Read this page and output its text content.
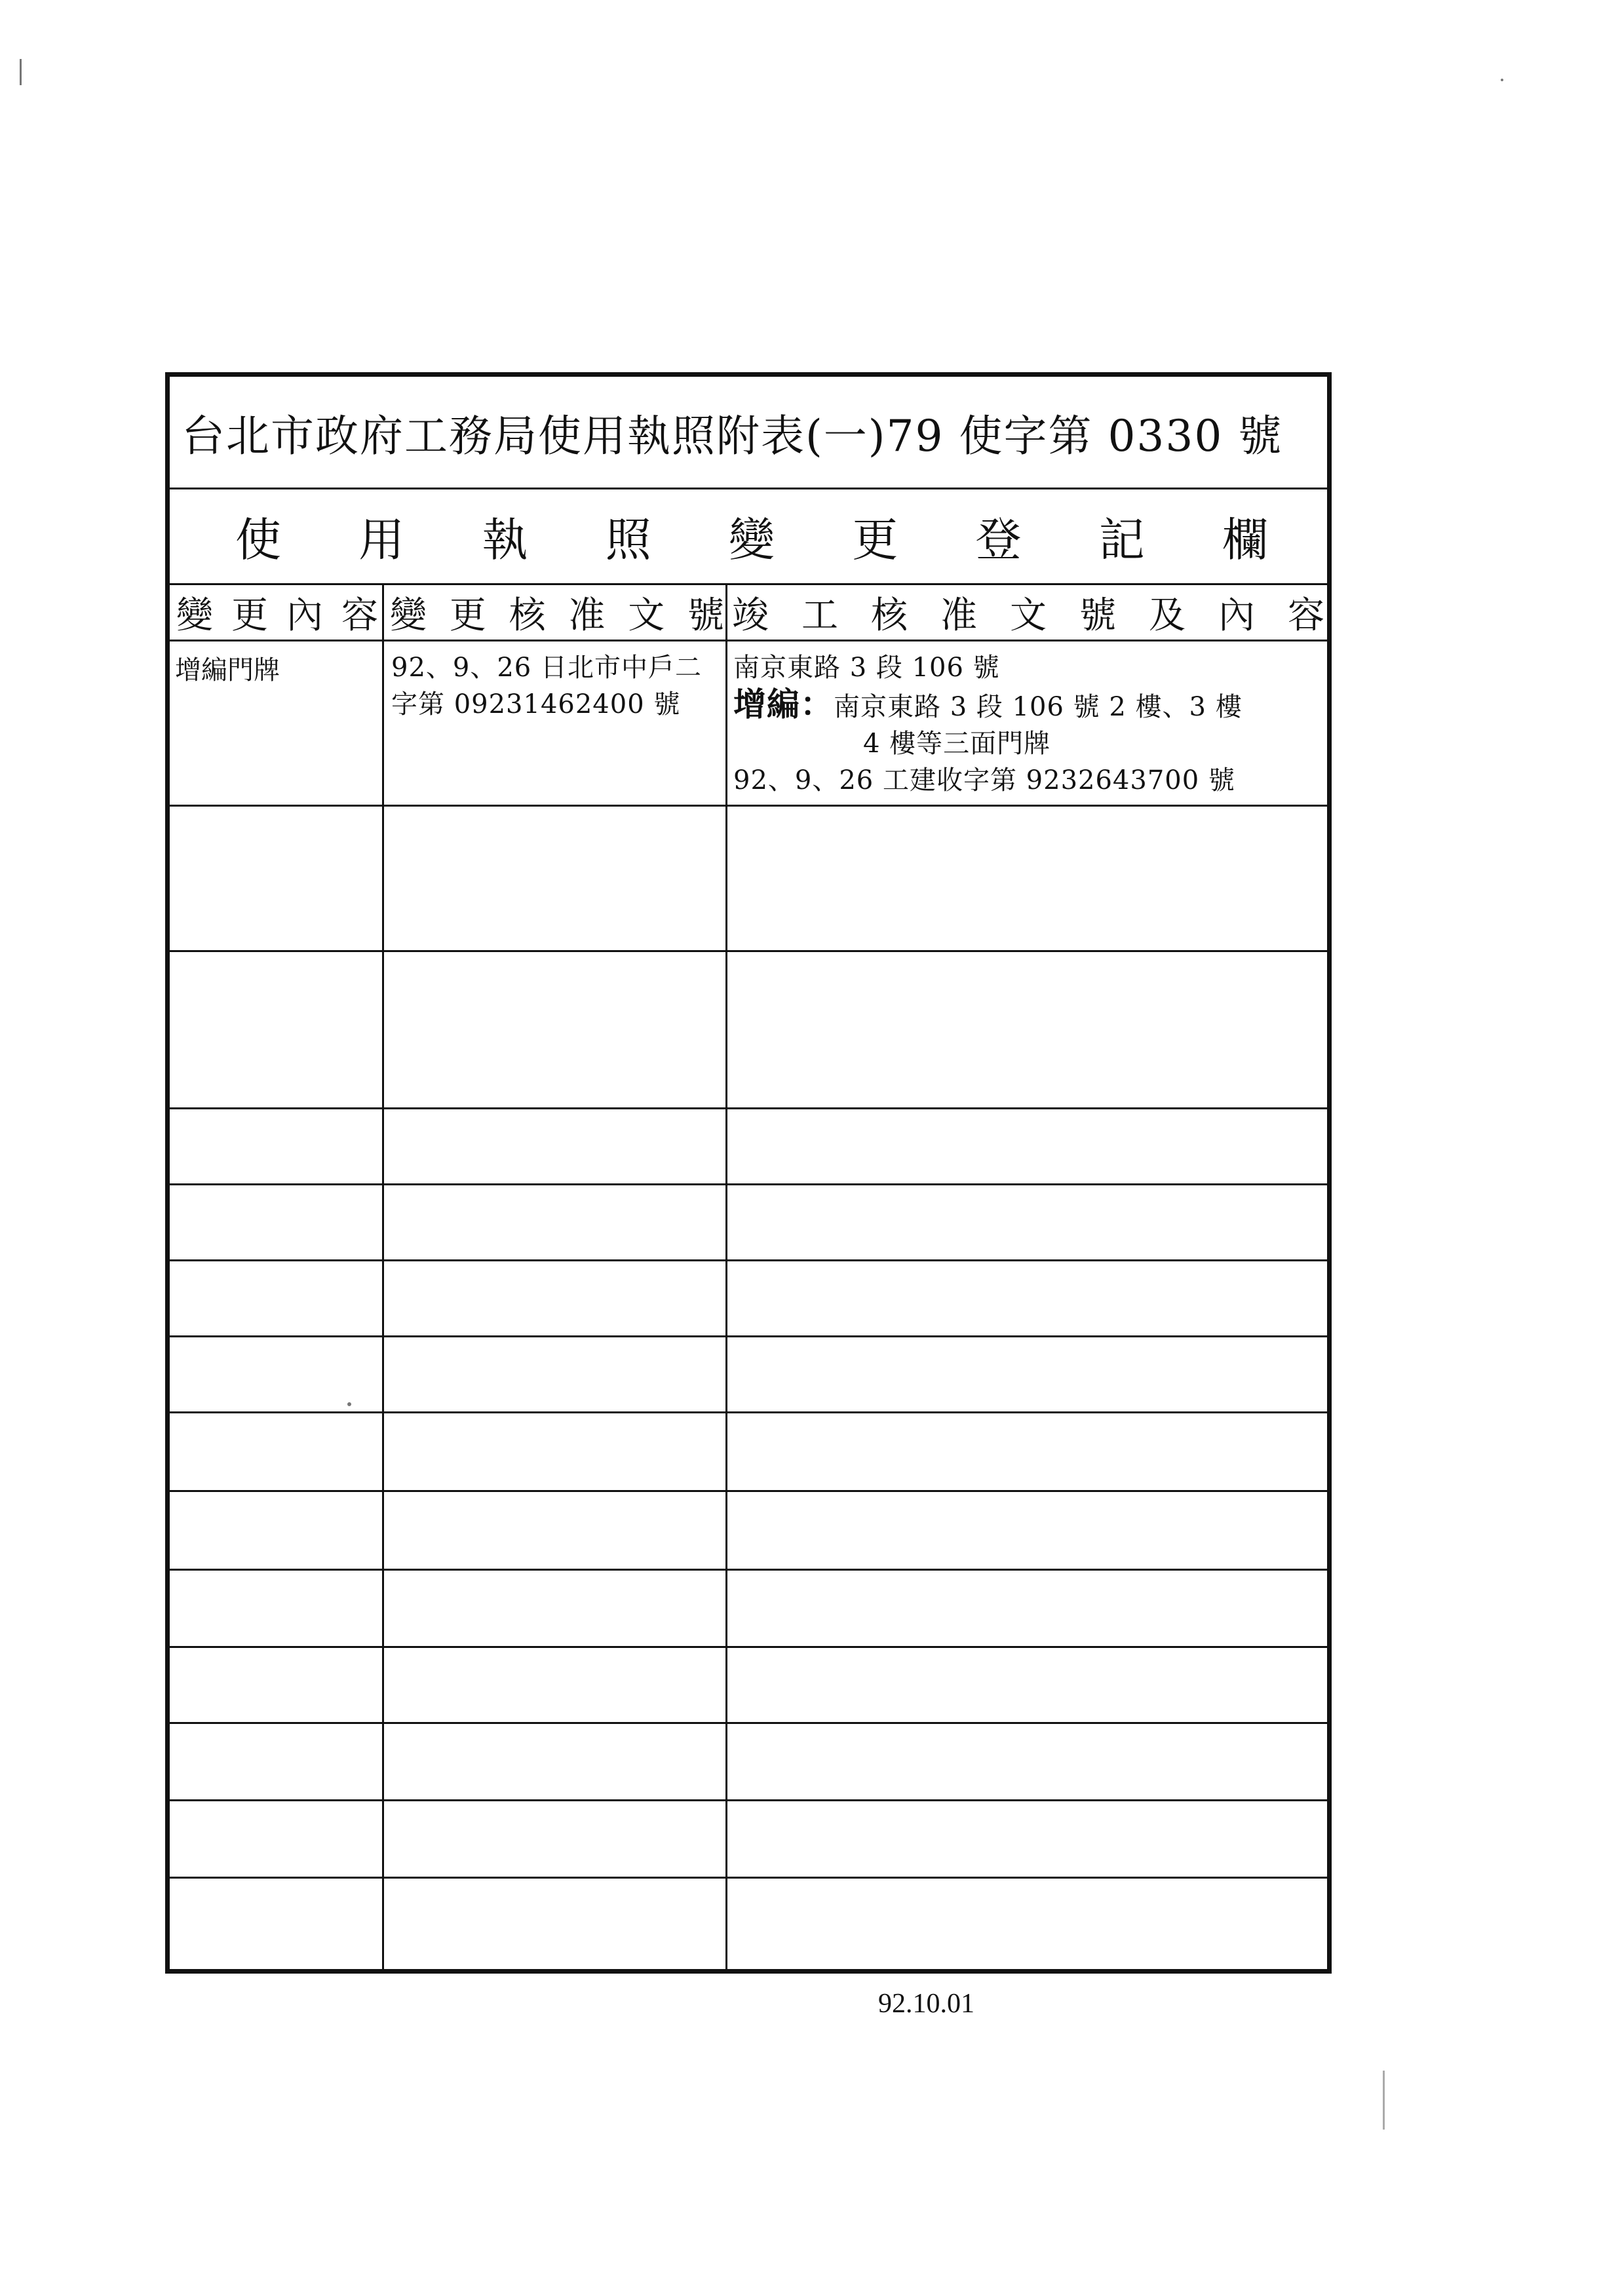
台北市政府工務局使用執照附表(一)79 使字第 0330 號
使 用 執 照 變 更 登 記 欄
變 更 內 容 變 更 核 准 文 號 竣 工 核 准 文 號 及 內 容
增編門牌	92、9、26 日北市中戶二
字第 09231462400 號
南京東路 3 段 106 號
增編：南京東路 3 段 106 號 2 樓、3 樓
4 樓等三面門牌
92、9、26 工建收字第 9232643700 號
92.10.01
